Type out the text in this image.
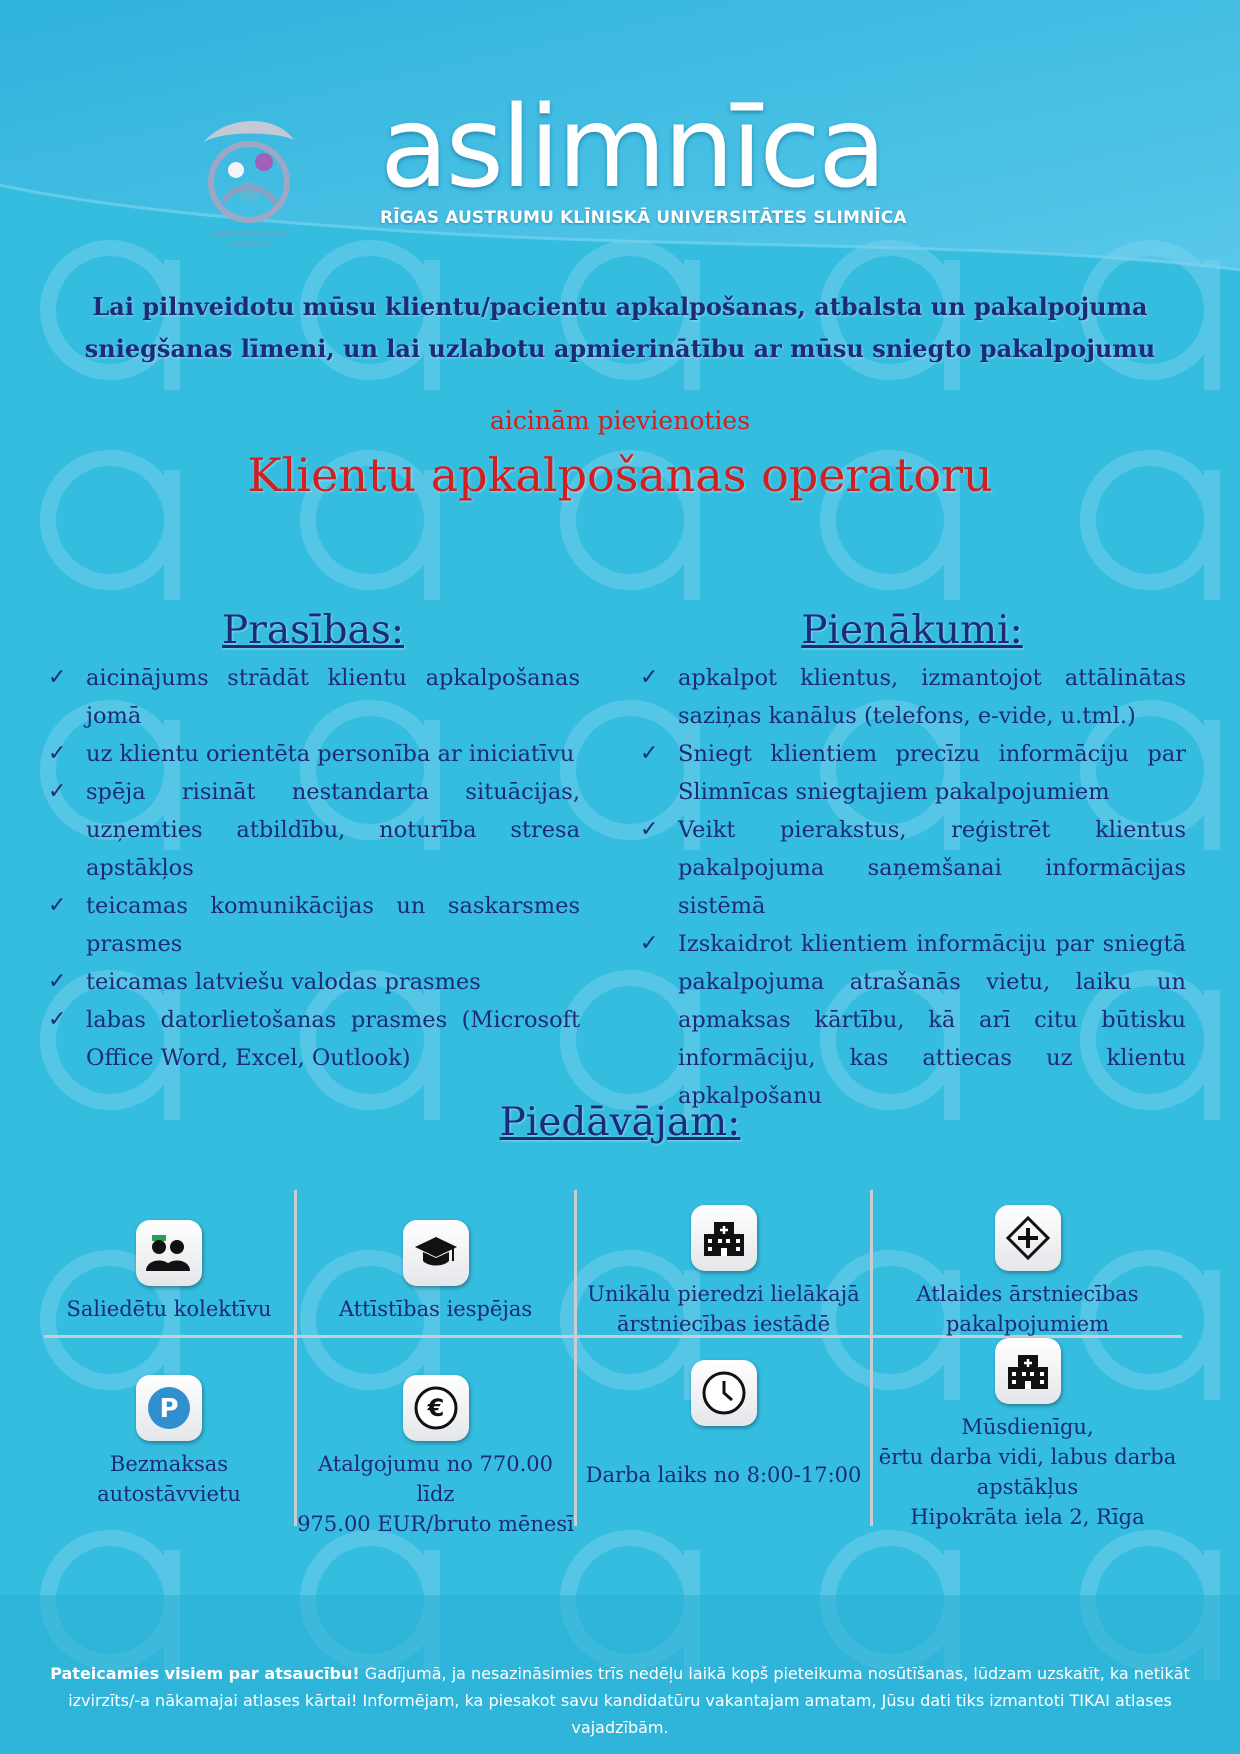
ĢIMENEI DRAUDZĪGA
DARBAVIETA
aslimnīca
RĪGAS AUSTRUMU KLĪNISKĀ UNIVERSITĀTES SLIMNĪCA
Lai pilnveidotu mūsu klientu/pacientu apkalpošanas, atbalsta un pakalpojuma
sniegšanas līmeni, un lai uzlabotu apmierinātību ar mūsu sniegto pakalpojumu
aicinām pievienoties
Klientu apkalpošanas operatoru
Prasības:
✓ aicinājums strādāt klientu apkalpošanas jomā
✓ uz klientu orientēta personība ar iniciatīvu
✓ spēja risināt nestandarta situācijas, uzņemties atbildību, noturība stresa apstākļos
✓ teicamas komunikācijas un saskarsmes prasmes
✓ teicamas latviešu valodas prasmes
✓ labas datorlietošanas prasmes (Microsoft Office Word, Excel, Outlook)
Pienākumi:
✓ apkalpot klientus, izmantojot attālinātas saziņas kanālus (telefons, e-vide, u.tml.)
✓ Sniegt klientiem precīzu informāciju par Slimnīcas sniegtajiem pakalpojumiem
✓ Veikt pierakstus, reģistrēt klientus pakalpojuma saņemšanai informācijas sistēmā
✓ Izskaidrot klientiem informāciju par sniegtā pakalpojuma atrašanās vietu, laiku un apmaksas kārtību, kā arī citu būtisku informāciju, kas attiecas uz klientu apkalpošanu
Piedāvājam:
Saliedētu kolektīvu	Attīstības iespējas
Unikālu pieredzi lielākajā
ārstniecības iestādē
Atlaides ārstniecības
pakalpojumiem
P
Bezmaksas
autostāvvietu
€
Atalgojumu no 770.00 līdz
975.00 EUR/bruto mēnesī
Darba laiks no 8:00-17:00
Mūsdienīgu,
ērtu darba vidi, labus darba
apstākļus
Hipokrāta iela 2, Rīga
Pateicamies visiem par atsaucību! Gadījumā, ja nesazināsimies trīs nedēļu laikā kopš pieteikuma nosūtīšanas, lūdzam uzskatīt, ka netikāt izvirzīts/-a nākamajai atlases kārtai! Informējam, ka piesakot savu kandidatūru vakantajam amatam, Jūsu dati tiks izmantoti TIKAI atlases vajadzībām.
